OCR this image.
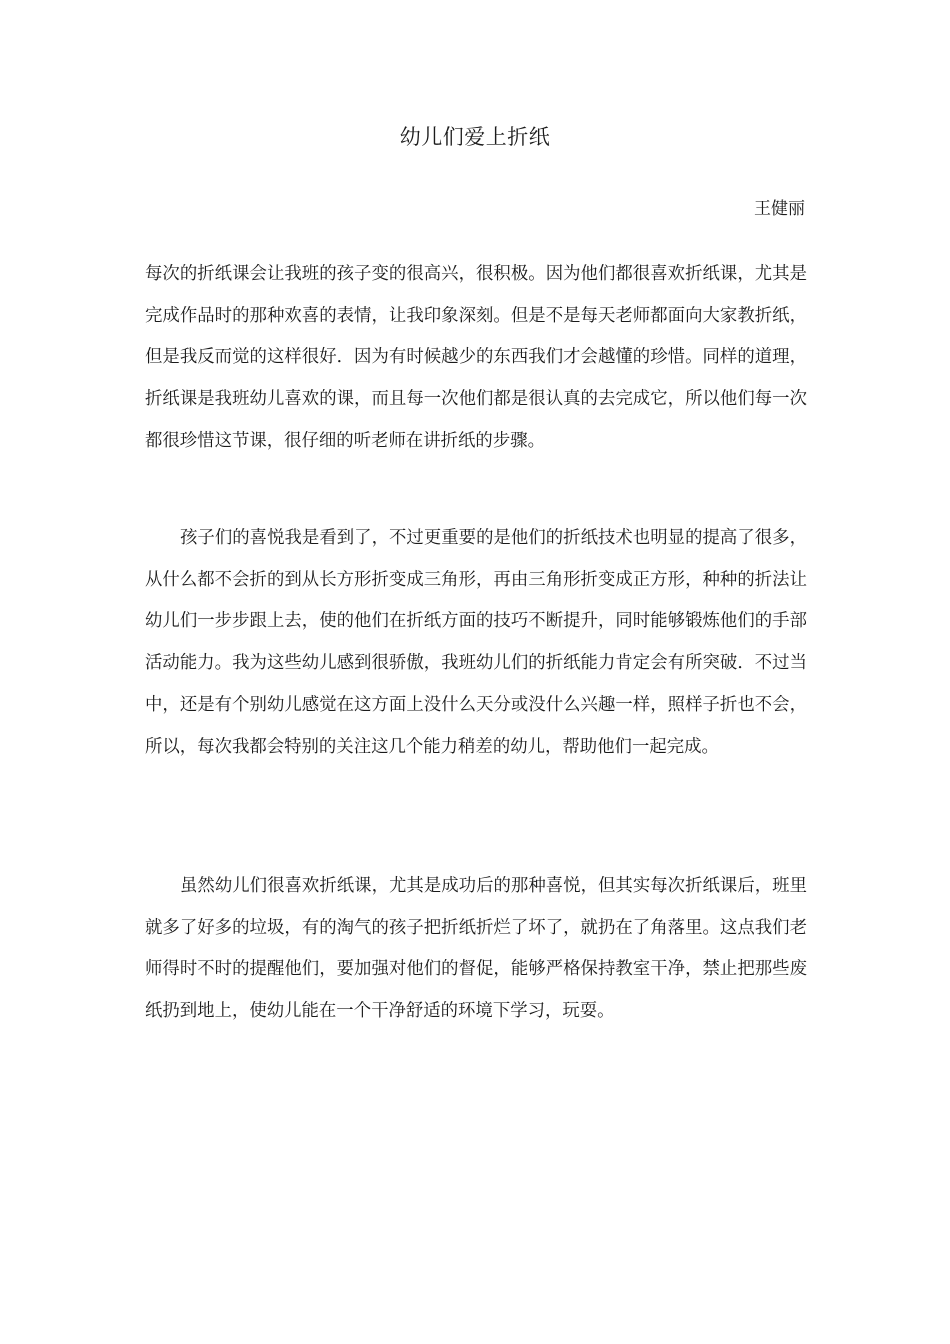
幼儿们爱上折纸

王健丽

每次的折纸课会让我班的孩子变的很高兴，很积极。因为他们都很喜欢折纸课，尤其是完成作品时的那种欢喜的表情，让我印象深刻。但是不是每天老师都面向大家教折纸，但是我反而觉的这样很好．因为有时候越少的东西我们才会越懂的珍惜。同样的道理，折纸课是我班幼儿喜欢的课，而且每一次他们都是很认真的去完成它，所以他们每一次都很珍惜这节课，很仔细的听老师在讲折纸的步骤。

孩子们的喜悦我是看到了，不过更重要的是他们的折纸技术也明显的提高了很多，从什么都不会折的到从长方形折变成三角形，再由三角形折变成正方形，种种的折法让幼儿们一步步跟上去，使的他们在折纸方面的技巧不断提升，同时能够锻炼他们的手部活动能力。我为这些幼儿感到很骄傲，我班幼儿们的折纸能力肯定会有所突破．不过当中，还是有个别幼儿感觉在这方面上没什么天分或没什么兴趣一样，照样子折也不会，所以，每次我都会特别的关注这几个能力稍差的幼儿，帮助他们一起完成。

虽然幼儿们很喜欢折纸课，尤其是成功后的那种喜悦，但其实每次折纸课后，班里就多了好多的垃圾，有的淘气的孩子把折纸折烂了坏了，就扔在了角落里。这点我们老师得时不时的提醒他们，要加强对他们的督促，能够严格保持教室干净，禁止把那些废纸扔到地上，使幼儿能在一个干净舒适的环境下学习，玩耍。
